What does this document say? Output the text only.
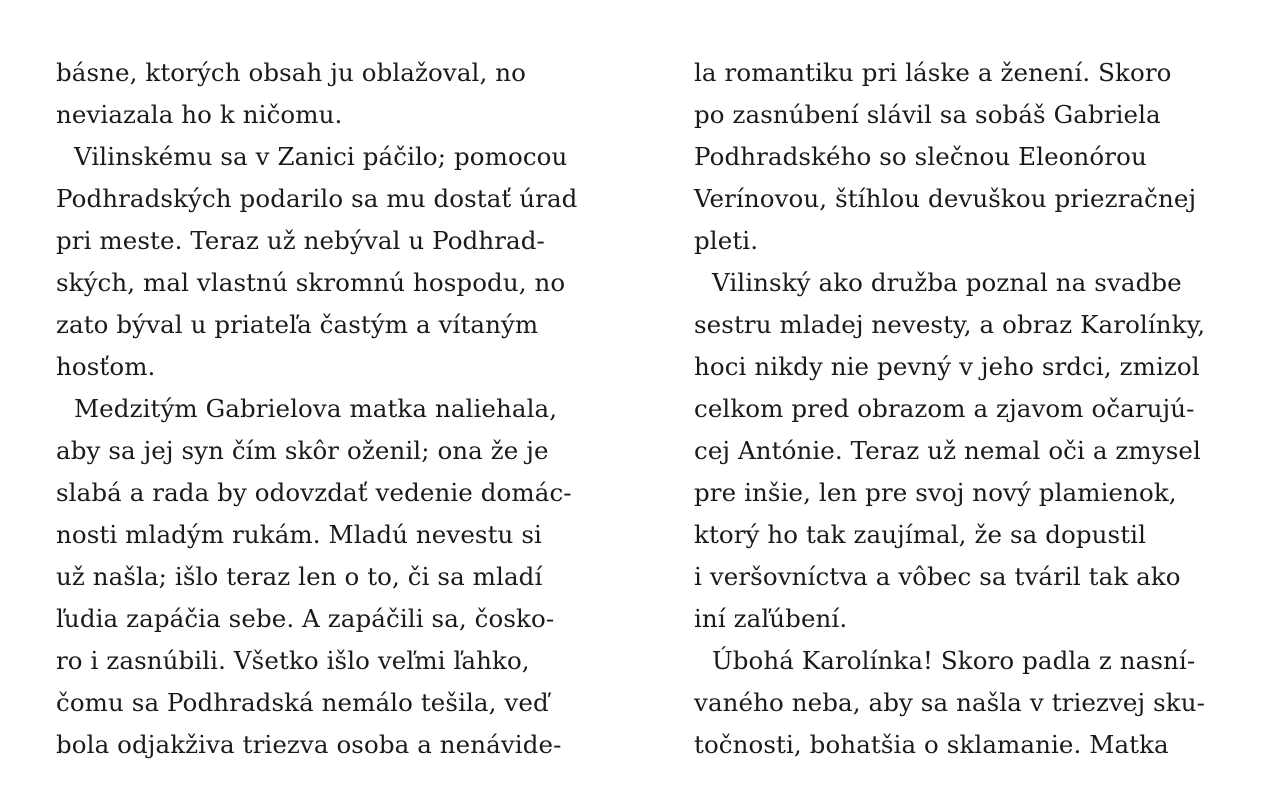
básne, ktorých obsah ju oblažoval, no
neviazala ho k ničomu.
Vilinskému sa v Zanici páčilo; pomocou
Podhradských podarilo sa mu dostať úrad
pri meste. Teraz už nebýval u Podhrad-
ských, mal vlastnú skromnú hospodu, no
zato býval u priateľa častým a vítaným
hosťom.
Medzitým Gabrielova matka naliehala,
aby sa jej syn čím skôr oženil; ona že je
slabá a rada by odovzdať vedenie domác-
nosti mladým rukám. Mladú nevestu si
už našla; išlo teraz len o to, či sa mladí
ľudia zapáčia sebe. A zapáčili sa, čosko-
ro i zasnúbili. Všetko išlo veľmi ľahko,
čomu sa Podhradská nemálo tešila, veď
bola odjakživa triezva osoba a nenávide-
la romantiku pri láske a ženení. Skoro
po zasnúbení slávil sa sobáš Gabriela
Podhradského so slečnou Eleonórou
Verínovou, štíhlou devuškou priezračnej
pleti.
Vilinský ako družba poznal na svadbe
sestru mladej nevesty, a obraz Karolínky,
hoci nikdy nie pevný v jeho srdci, zmizol
celkom pred obrazom a zjavom očarujú-
cej Antónie. Teraz už nemal oči a zmysel
pre inšie, len pre svoj nový plamienok,
ktorý ho tak zaujímal, že sa dopustil
i veršovníctva a vôbec sa tváril tak ako
iní zaľúbení.
Úbohá Karolínka! Skoro padla z nasní-
vaného neba, aby sa našla v triezvej sku-
točnosti, bohatšia o sklamanie. Matka
